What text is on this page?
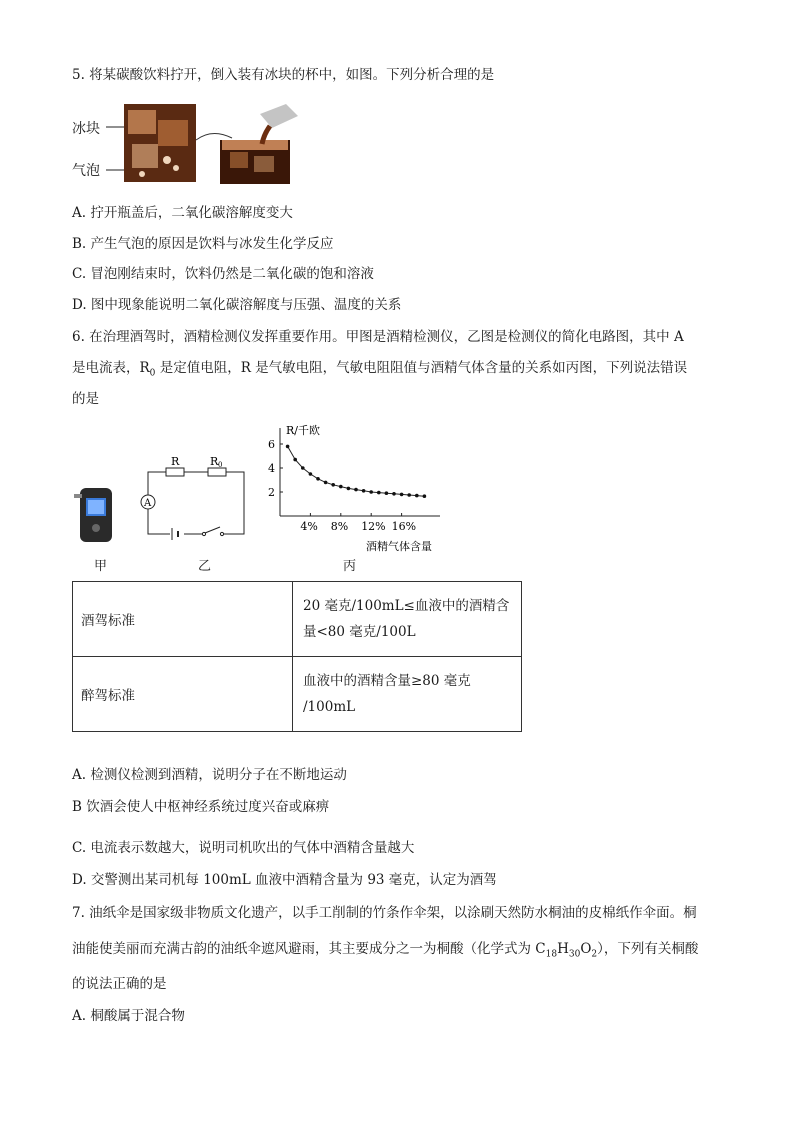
5. 将某碳酸饮料拧开，倒入装有冰块的杯中，如图。下列分析合理的是
冰块
气泡
A. 拧开瓶盖后，二氧化碳溶解度变大
B. 产生气泡的原因是饮料与冰发生化学反应
C. 冒泡刚结束时，饮料仍然是二氧化碳的饱和溶液
D. 图中现象能说明二氧化碳溶解度与压强、温度的关系
6. 在治理酒驾时，酒精检测仪发挥重要作用。甲图是酒精检测仪，乙图是检测仪的简化电路图，其中 A
是电流表，$R_0$ 是定值电阻，R 是气敏电阻，气敏电阻阻值与酒精气体含量的关系如丙图，下列说法错误
的是
R	R 0
A
R/千欧
酒精气体含量
2
4
6
4% 8% 12% 16%
甲	乙	丙
酒驾标准	20 毫克/100mL≤血液中的酒精含
量<80 毫克/100L

醉驾标准	血液中的酒精含量≥80 毫克
/100mL
A. 检测仪检测到酒精，说明分子在不断地运动
B 饮酒会使人中枢神经系统过度兴奋或麻痹
C. 电流表示数越大，说明司机吹出的气体中酒精含量越大
D. 交警测出某司机每 100mL 血液中酒精含量为 93 毫克，认定为酒驾
7. 油纸伞是国家级非物质文化遗产，以手工削制的竹条作伞架，以涂刷天然防水桐油的皮棉纸作伞面。桐
油能使美丽而充满古韵的油纸伞遮风避雨，其主要成分之一为桐酸（化学式为 $C_{18}H_{30}O_2$），下列有关桐酸
的说法正确的是
A. 桐酸属于混合物
